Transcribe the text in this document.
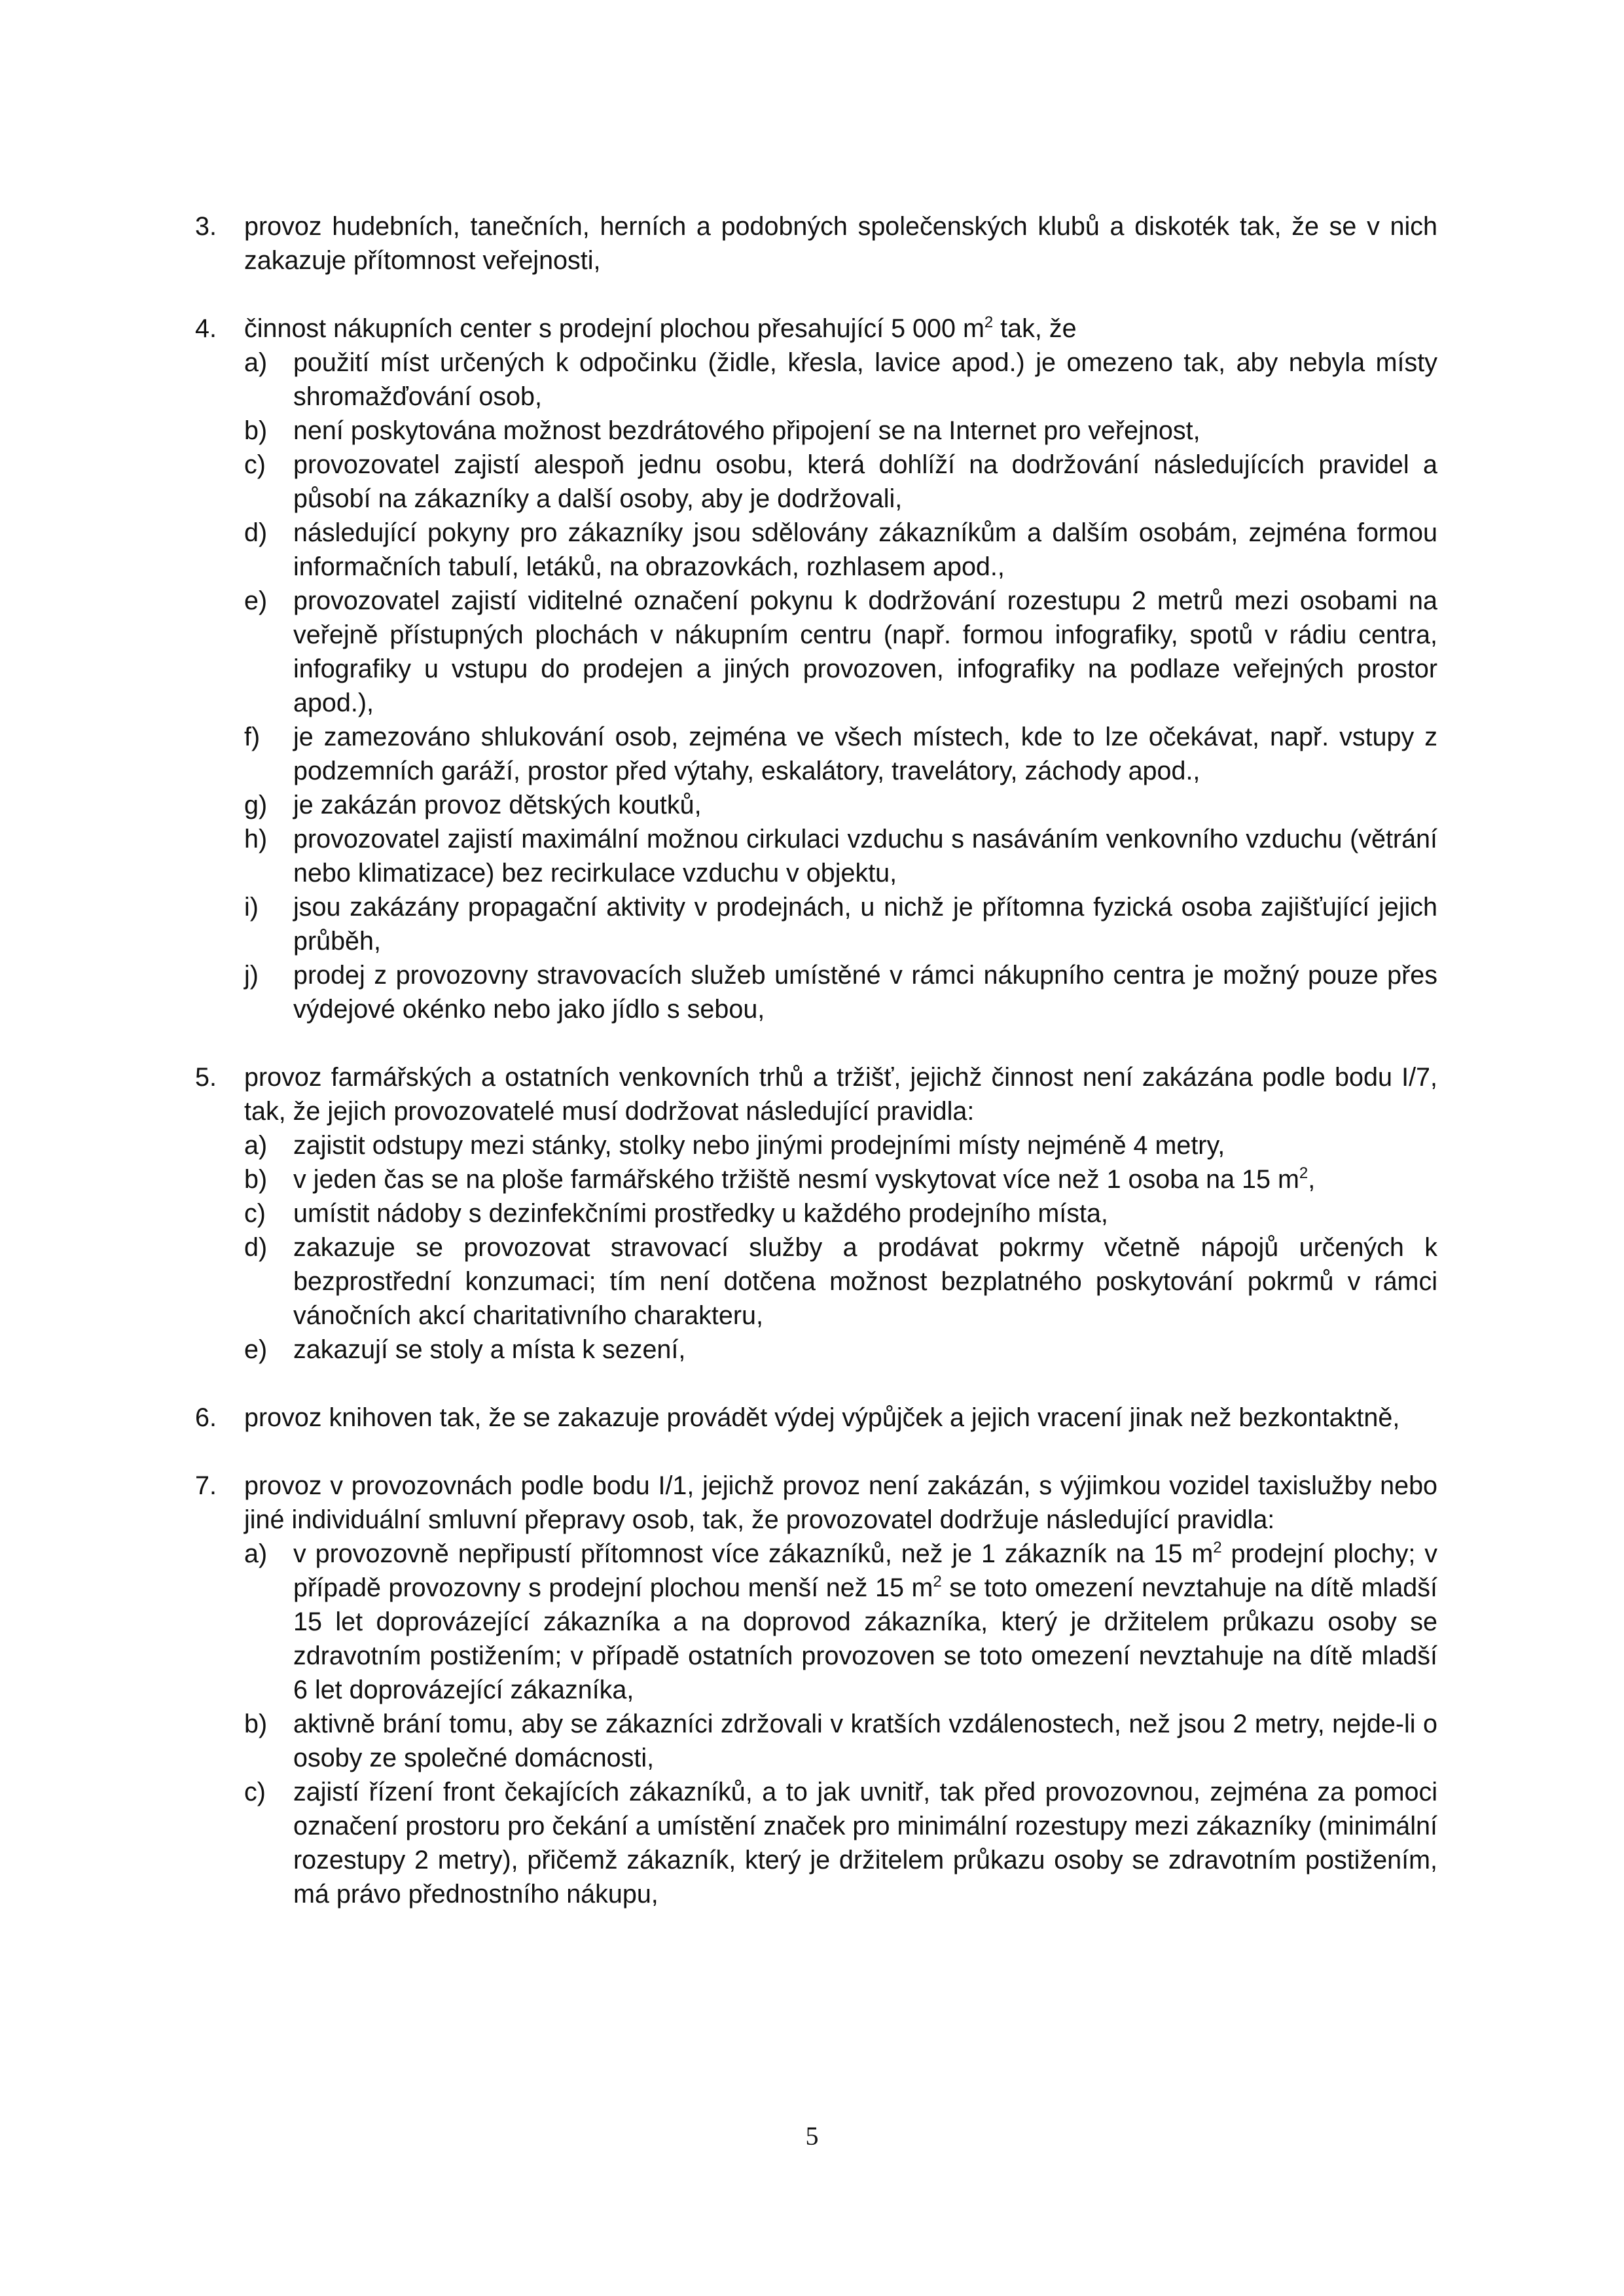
3.	provoz hudebních, tanečních, herních a podobných společenských klubů a diskoték tak, že se v nich zakazuje přítomnost veřejnosti,
4.	činnost nákupních center s prodejní plochou přesahující 5 000 $m^2$ tak, že
a)	použití míst určených k odpočinku (židle, křesla, lavice apod.) je omezeno tak, aby nebyla místy shromažďování osob,
b)	není poskytována možnost bezdrátového připojení se na Internet pro veřejnost,
c)	provozovatel zajistí alespoň jednu osobu, která dohlíží na dodržování následujících pravidel a působí na zákazníky a další osoby, aby je dodržovali,
d)	následující pokyny pro zákazníky jsou sdělovány zákazníkům a dalším osobám, zejména formou informačních tabulí, letáků, na obrazovkách, rozhlasem apod.,
e)	provozovatel zajistí viditelné označení pokynu k dodržování rozestupu 2 metrů mezi osobami na veřejně přístupných plochách v nákupním centru (např. formou infografiky, spotů v rádiu centra, infografiky u vstupu do prodejen a jiných provozoven, infografiky na podlaze veřejných prostor apod.),
f)	je zamezováno shlukování osob, zejména ve všech místech, kde to lze očekávat, např. vstupy z podzemních garáží, prostor před výtahy, eskalátory, travelátory, záchody apod.,
g)	je zakázán provoz dětských koutků,
h)	provozovatel zajistí maximální možnou cirkulaci vzduchu s nasáváním venkovního vzduchu (větrání nebo klimatizace) bez recirkulace vzduchu v objektu,
i)	jsou zakázány propagační aktivity v prodejnách, u nichž je přítomna fyzická osoba zajišťující jejich průběh,
j)	prodej z provozovny stravovacích služeb umístěné v rámci nákupního centra je možný pouze přes výdejové okénko nebo jako jídlo s sebou,
5.	provoz farmářských a ostatních venkovních trhů a tržišť, jejichž činnost není zakázána podle bodu I/7, tak, že jejich provozovatelé musí dodržovat následující pravidla:
a)	zajistit odstupy mezi stánky, stolky nebo jinými prodejními místy nejméně 4 metry,
b)	v jeden čas se na ploše farmářského tržiště nesmí vyskytovat více než 1 osoba na 15 $m^2$,
c)	umístit nádoby s dezinfekčními prostředky u každého prodejního místa,
d)	zakazuje se provozovat stravovací služby a prodávat pokrmy včetně nápojů určených k bezprostřední konzumaci; tím není dotčena možnost bezplatného poskytování pokrmů v rámci vánočních akcí charitativního charakteru,
e)	zakazují se stoly a místa k sezení,
6.	provoz knihoven tak, že se zakazuje provádět výdej výpůjček a jejich vracení jinak než bezkontaktně,
7.	provoz v provozovnách podle bodu I/1, jejichž provoz není zakázán, s výjimkou vozidel taxislužby nebo jiné individuální smluvní přepravy osob, tak, že provozovatel dodržuje následující pravidla:
a)	v provozovně nepřipustí přítomnost více zákazníků, než je 1 zákazník na 15 $m^2$ prodejní plochy; v případě provozovny s prodejní plochou menší než 15 $m^2$ se toto omezení nevztahuje na dítě mladší 15 let doprovázející zákazníka a na doprovod zákazníka, který je držitelem průkazu osoby se zdravotním postižením; v případě ostatních provozoven se toto omezení nevztahuje na dítě mladší 6 let doprovázející zákazníka,
b)	aktivně brání tomu, aby se zákazníci zdržovali v kratších vzdálenostech, než jsou 2 metry, nejde-li o osoby ze společné domácnosti,
c)	zajistí řízení front čekajících zákazníků, a to jak uvnitř, tak před provozovnou, zejména za pomoci označení prostoru pro čekání a umístění značek pro minimální rozestupy mezi zákazníky (minimální rozestupy 2 metry), přičemž zákazník, který je držitelem průkazu osoby se zdravotním postižením, má právo přednostního nákupu,
5
